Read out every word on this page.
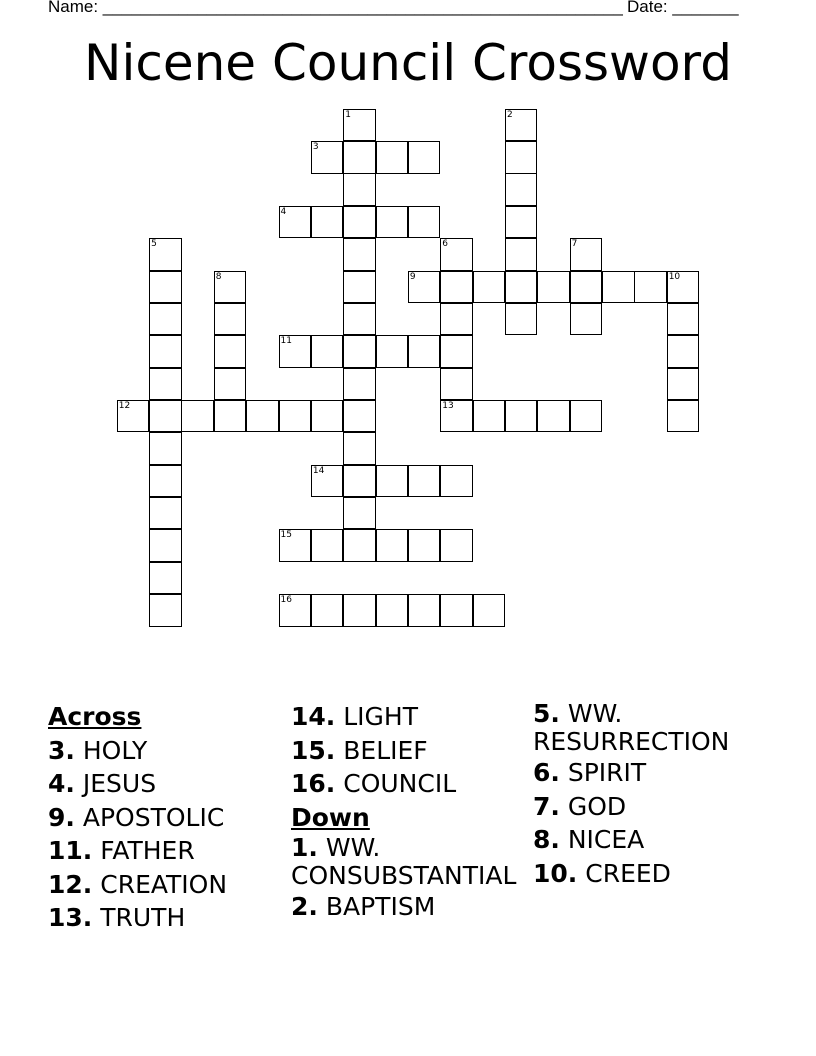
Name: _______________________________________________________ Date: _______
Nicene Council Crossword
1	2
3
4
5	6
13
7
8	9	10
11
12
14
15
16
Across
3. HOLY
4. JESUS
9. APOSTOLIC
11. FATHER
12. CREATION
13. TRUTH
14. LIGHT
15. BELIEF
16. COUNCIL
Down
1. WW. CONSUBSTANTIAL
2. BAPTISM
5. WW. RESURRECTION
6. SPIRIT
7. GOD
8. NICEA
10. CREED
